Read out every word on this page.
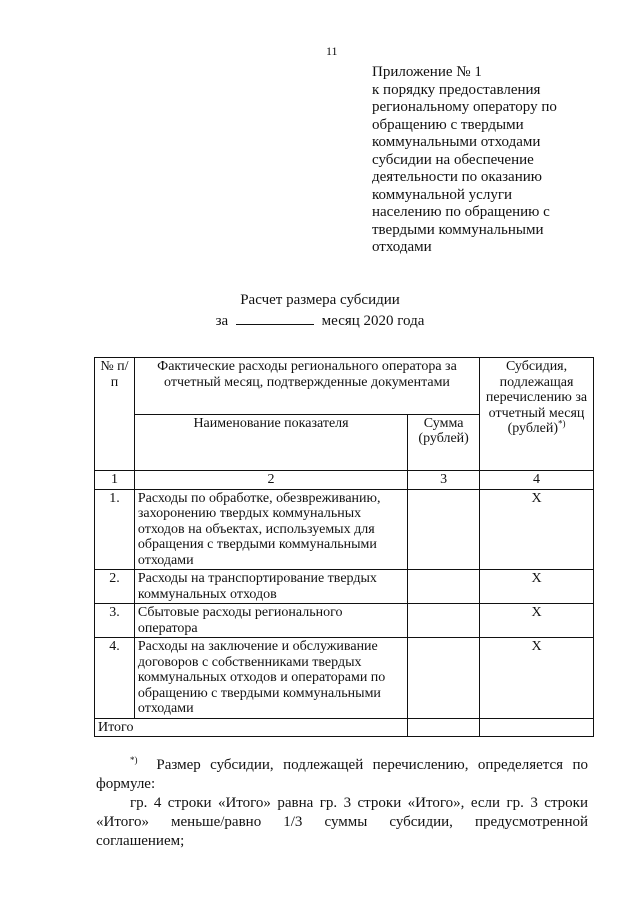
11
Приложение № 1
к порядку предоставления
региональному оператору по
обращению с твердыми
коммунальными отходами
субсидии на обеспечение
деятельности по оказанию
коммунальной услуги
населению по обращению с
твердыми коммунальными
отходами
Расчет размера субсидии
за	месяц 2020 года
№ п/п	Фактические расходы регионального оператора за отчетный месяц, подтвержденные документами		Субсидия, подлежащая перечислению за отчетный месяц (рублей)*)
	Наименование показателя	Сумма (рублей)	
1	2	3	4
1.	Расходы по обработке, обезвреживанию, захоронению твердых коммунальных отходов на объектах, используемых для обращения с твердыми коммунальными отходами		Х
2.	Расходы на транспортирование твердых коммунальных отходов		Х
3.	Сбытовые расходы регионального оператора		Х
4.	Расходы на заключение и обслуживание договоров с собственниками твердых коммунальных отходов и операторами по обращению с твердыми коммунальными отходами		Х
Итого			

*) Размер субсидии, подлежащей перечислению, определяется по формуле:

гр. 4 строки «Итого» равна гр. 3 строки «Итого», если гр. 3 строки «Итого» меньше/равно 1/3 суммы субсидии, предусмотренной соглашением;
